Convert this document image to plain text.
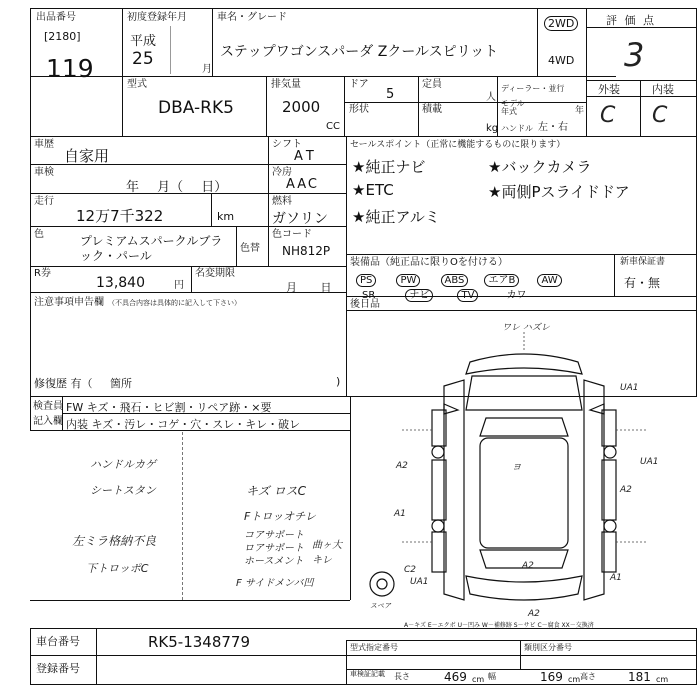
出品番号
[2180]
119
初度登録年月
平成
25
月
車名・グレード
ステップワゴンスパーダ Zクールスピリット
2WD
4WD
評 価 点
3
外装	内装
C C
型式
DBA-RK5
排気量
2000
CC
ドア
5
定員
人
形状	積載
kg
ディーラー・並行
モデル年式	年
ハンドル 左・右
車歴
自家用
シフト
AT
車検
年 月（ 日）
冷房
AAC
走行
12万7千322	km
燃料
ガソリン
色	プレミアムスパークルブラック・パール
色替
色コード
NH812P
R券
13,840	円
名変期限
月 日
注意事項申告欄 （不具合内容は具体的に記入して下さい）
修復歴 有（ 箇所	)
セールスポイント（正常に機能するものに限ります）
★純正ナビ	★バックカメラ
★ETC	★両側Pスライドドア
★純正アルミ
装備品（純正品に限りOを付ける）
PS	PW	ABS エアB	AW
SR	ナビ	TV	カワ
新車保証書
有・無
後日品
検査員
記入欄
FW キズ・飛石・ヒビ割・リペア跡・×要
内装 キズ・汚レ・コゲ・穴・スレ・キレ・破レ
ハンドルカゲ
シートスタン	キズ ロスC
Fトロッオチレ
コアサポート
ロアサポート
ホースメント
曲ヶ大 キレ
左ミラ格納不良
下トロッポC
F サイドメンバ凹
ワレ ハズレ
UA1
A2
A1
ヨ
A2
UA1
C2
UA1
A2
A1
A2
スペア
A－キズ E－エクボ U－凹み W－補修跡 S－サビ C－腐食 XX－交換済
車台番号	RK5-1348779
登録番号
型式指定番号	類別区分番号
車検証記載	長さ	469 cm 幅	169 cm 高さ	181 cm
